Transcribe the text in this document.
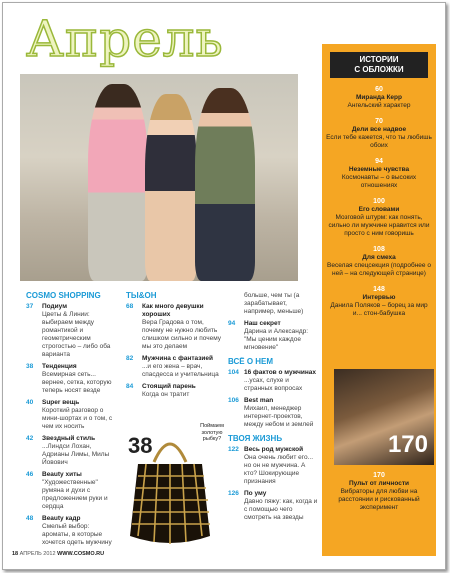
Апрель	ИСТОРИИ
С ОБЛОЖКИ
60
Миранда Керр
Ангельский характер
70
Дели все надвое
Если тебе кажется, что ты любишь обоих
94
Неземные чувства
Космонавты – о высоких отношениях
100
Его словами
Мозговой штурм: как понять, сильно ли мужчине нравится или просто с ним говоришь
108
Для смеха
Веселая спецсекция (подробнее о ней – на следующей странице)
148
Интервью
Данила Поляков – борец за мир и... стон-бабушка
170
170
Пульт от личности
Вибраторы для любви на расстоянии и рискованный эксперимент
COSMO SHOPPING
37 Подиум
Цветы & Линии: выбираем между романтикой и геометрическим строгостью – либо оба варианта
38 Тенденция
Всемирная сеть... вернее, сетка, которую теперь носят везде
40 Super вещь
Короткий разговор о мини-шортах и о том, с чем их носить
42 Звездный стиль
...Линдси Лохан, Адрианы Лимы, Милы Йовович
46 Beauty хиты
"Художественные" румяна и духи с предложением руки и сердца
48 Beauty кадр
Смелый выбор: ароматы, в которые хочется одеть мужчину
ТЫ&ОН
68 Как много девушки хороших
Вера Градова о том, почему не нужно любить слишком сильно и почему мы это делаем
82 Мужчина с фантазией
...и его жена – врач, спасдесса и учительница
84 Стоящий парень
Когда он тратит
38
Поймаем золотую рыбку?
больше, чем ты (а зарабатывает, например, меньше)
94 Наш секрет
Дарина и Александр: "Мы ценим каждое мгновение"
ВСЁ О НЕМ
104 16 фактов о мужчинах
...усах, слухе и странных вопросах
106 Best man
Михаил, менеджер интернет-проектов, между небом и землей
ТВОЯ ЖИЗНЬ
122 Весь род мужской
Она очень любит его... но он не мужчина. А кто? Шокирующие признания
126 По уму
Давно пяжу: как, когда и с помощью чего смотреть на звезды
18 АПРЕЛЬ 2012 WWW.COSMO.RU
